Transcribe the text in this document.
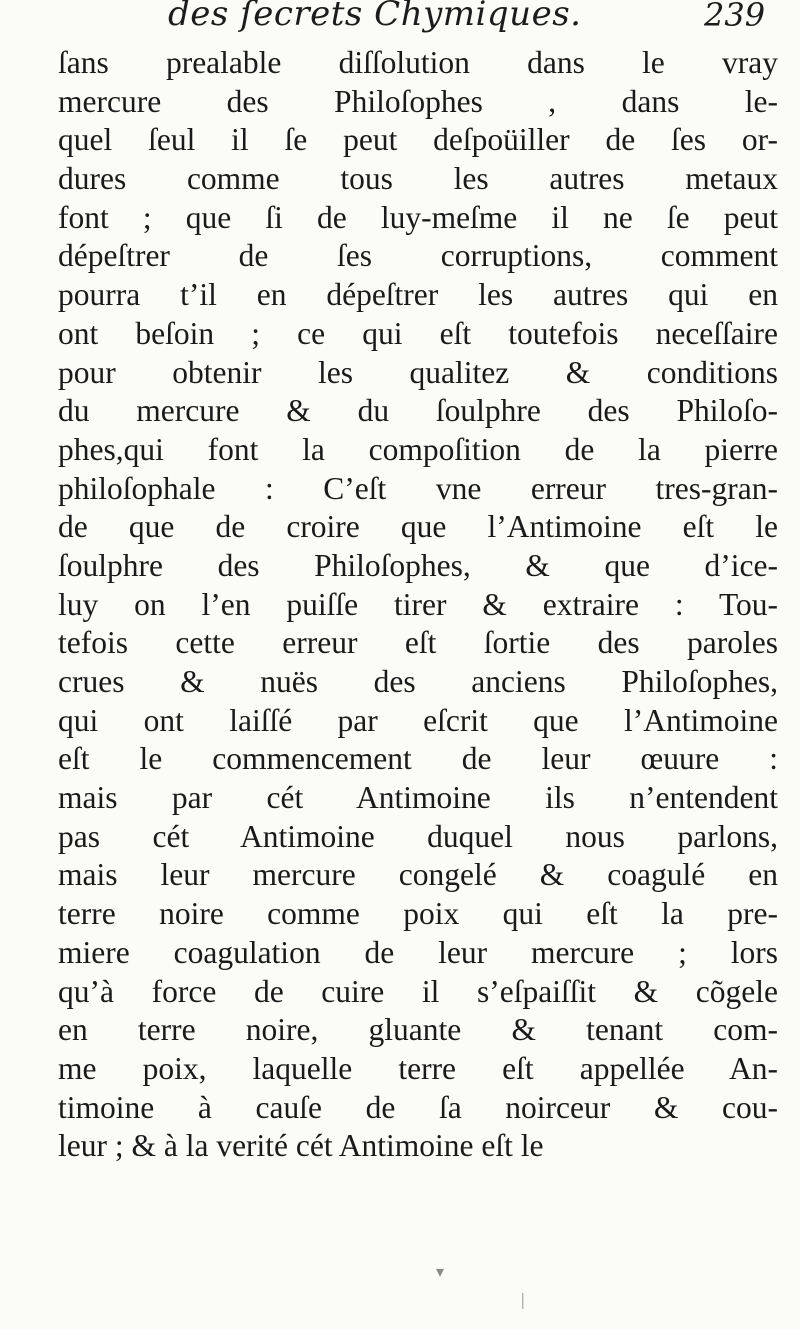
des ſecrets Chymiques.	239
ſans prealable diſſolution dans le vray
mercure des Philoſophes , dans le-
quel ſeul il ſe peut deſpoüiller de ſes or-
dures comme tous les autres metaux
font ; que ſi de luy-meſme il ne ſe peut
dépeſtrer de ſes corruptions, comment
pourra t’il en dépeſtrer les autres qui en
ont beſoin ; ce qui eſt toutefois neceſſaire
pour obtenir les qualitez & conditions
du mercure & du ſoulphre des Philoſo-
phes,qui font la compoſition de la pierre
philoſophale : C’eſt vne erreur tres-gran-
de que de croire que l’Antimoine eſt le
ſoulphre des Philoſophes, & que d’ice-
luy on l’en puiſſe tirer & extraire : Tou-
tefois cette erreur eſt ſortie des paroles
crues & nuës des anciens Philoſophes,
qui ont laiſſé par eſcrit que l’Antimoine
eſt le commencement de leur œuure :
mais par cét Antimoine ils n’entendent
pas cét Antimoine duquel nous parlons,
mais leur mercure congelé & coagulé en
terre noire comme poix qui eſt la pre-
miere coagulation de leur mercure ; lors
qu’à force de cuire il s’eſpaiſſit & cõgele
en terre noire, gluante & tenant com-
me poix, laquelle terre eſt appellée An-
timoine à cauſe de ſa noirceur & cou-
leur ; & à la verité cét Antimoine eſt le
▾
|
